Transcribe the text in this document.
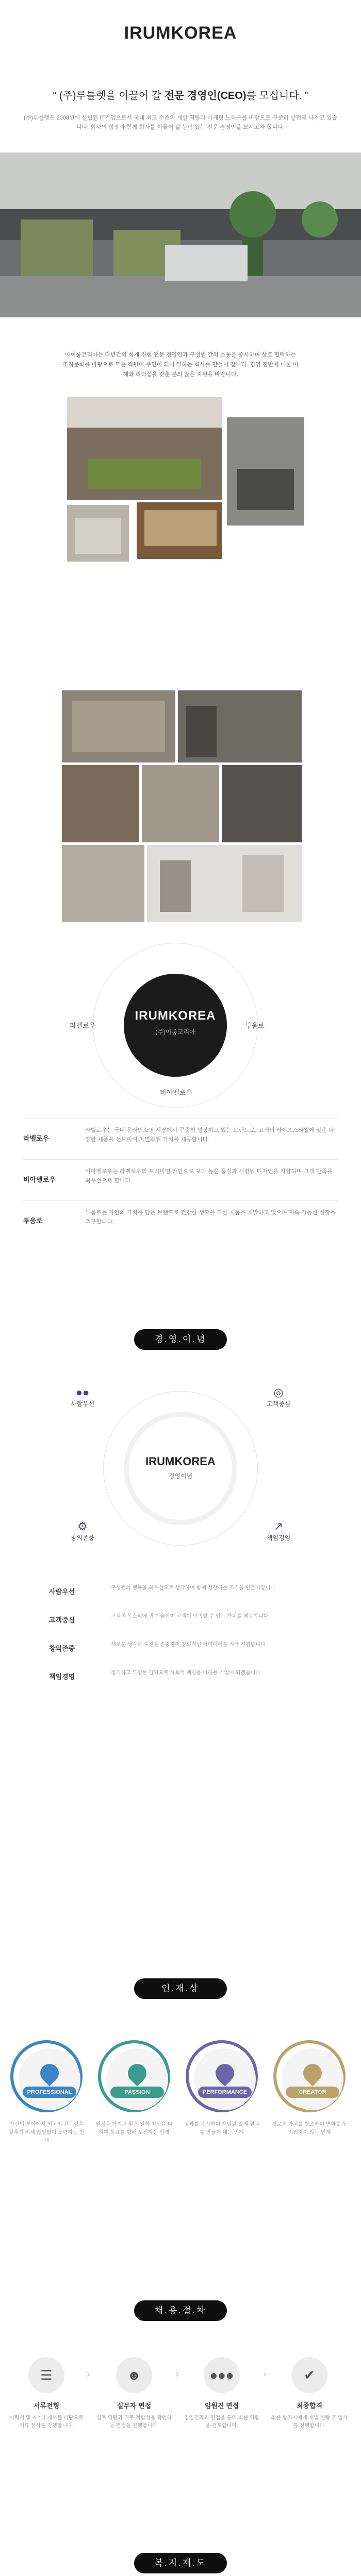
IRUMKOREA
“ (주)루틀렛을 이끌어 갈 전문 경영인(CEO)를 모십니다. ”
(주)루틀렛은 2008년에 설립된 IT기업으로서 국내 최고 수준의 개발 역량과 마케팅 노하우를 바탕으로 꾸준히 발전해 나가고 있습니다. 회사의 성장과 함께 회사를 이끌어 갈 능력 있는 전문 경영인을 모시고자 합니다.
아이룸코리아는 다년간의 회계 경험 전문 경영인과 구성원 간의 소통을 중시하며 상호 협력하는 조직문화를 바탕으로 모든 직원이 주인이 되어 일하는 회사를 만들어 갑니다. 경영 전반에 대한 이해와 리더십을 갖춘 분의 많은 지원을 바랍니다.
IRUMKOREA
(주)이룸코리아
라벨로우	투움로
비아벨로우
라벨로우
라벨로우는 국내 온라인쇼핑 시장에서 꾸준히 성장하고 있는 브랜드로, 고객의 라이프스타일에 맞춘 다양한 제품을 선보이며 차별화된 가치를 제공합니다.
비아벨로우
비아벨로우는 라벨로우의 프리미엄 라인으로 보다 높은 품질과 세련된 디자인을 지향하며 고객 만족을 최우선으로 합니다.
투움로
투움로는 자연의 가치를 담은 브랜드로 건강한 생활을 위한 제품을 개발하고 있으며 지속 가능한 성장을 추구합니다.
경.영.이.념
IRUMKOREA
경영이념
●●
사람우선
◎
고객중심
⚙
창의존중
↗
책임경영
사람우선	구성원의 행복을 최우선으로 생각하며 함께 성장하는 조직을 만들어갑니다.
고객중심	고객의 목소리에 귀 기울이며 고객이 만족할 수 있는 가치를 제공합니다.
창의존중	새로운 생각과 도전을 존중하며 창의적인 아이디어를 적극 지원합니다.
책임경영	정직하고 투명한 경영으로 사회적 책임을 다하는 기업이 되겠습니다.
인.재.상
PROFESSIONAL
자신의 분야에서 최고의 전문성을 갖추기 위해 끊임없이 노력하는 인재
PASSION
열정을 가지고 맡은 일에 최선을 다하며 목표를 향해 도전하는 인재
PERFORMANCE
성과를 중시하며 책임감 있게 결과를 만들어 내는 인재
CREATOR
새로운 가치를 창조하며 변화를 두려워하지 않는 인재
채.용.절.차
☰
서류전형
이력서 및 자기소개서를 바탕으로 서류 심사를 진행합니다.
›	☻
실무자 면접
실무 역량과 직무 적합성을 확인하는 면접을 진행합니다.
›	●●●
임원진 면접
경영진과의 면접을 통해 최종 역량을 검토합니다.
›	✔
최종합격
최종 합격자에게 개별 연락 후 입사를 진행합니다.
복.지.제.도
